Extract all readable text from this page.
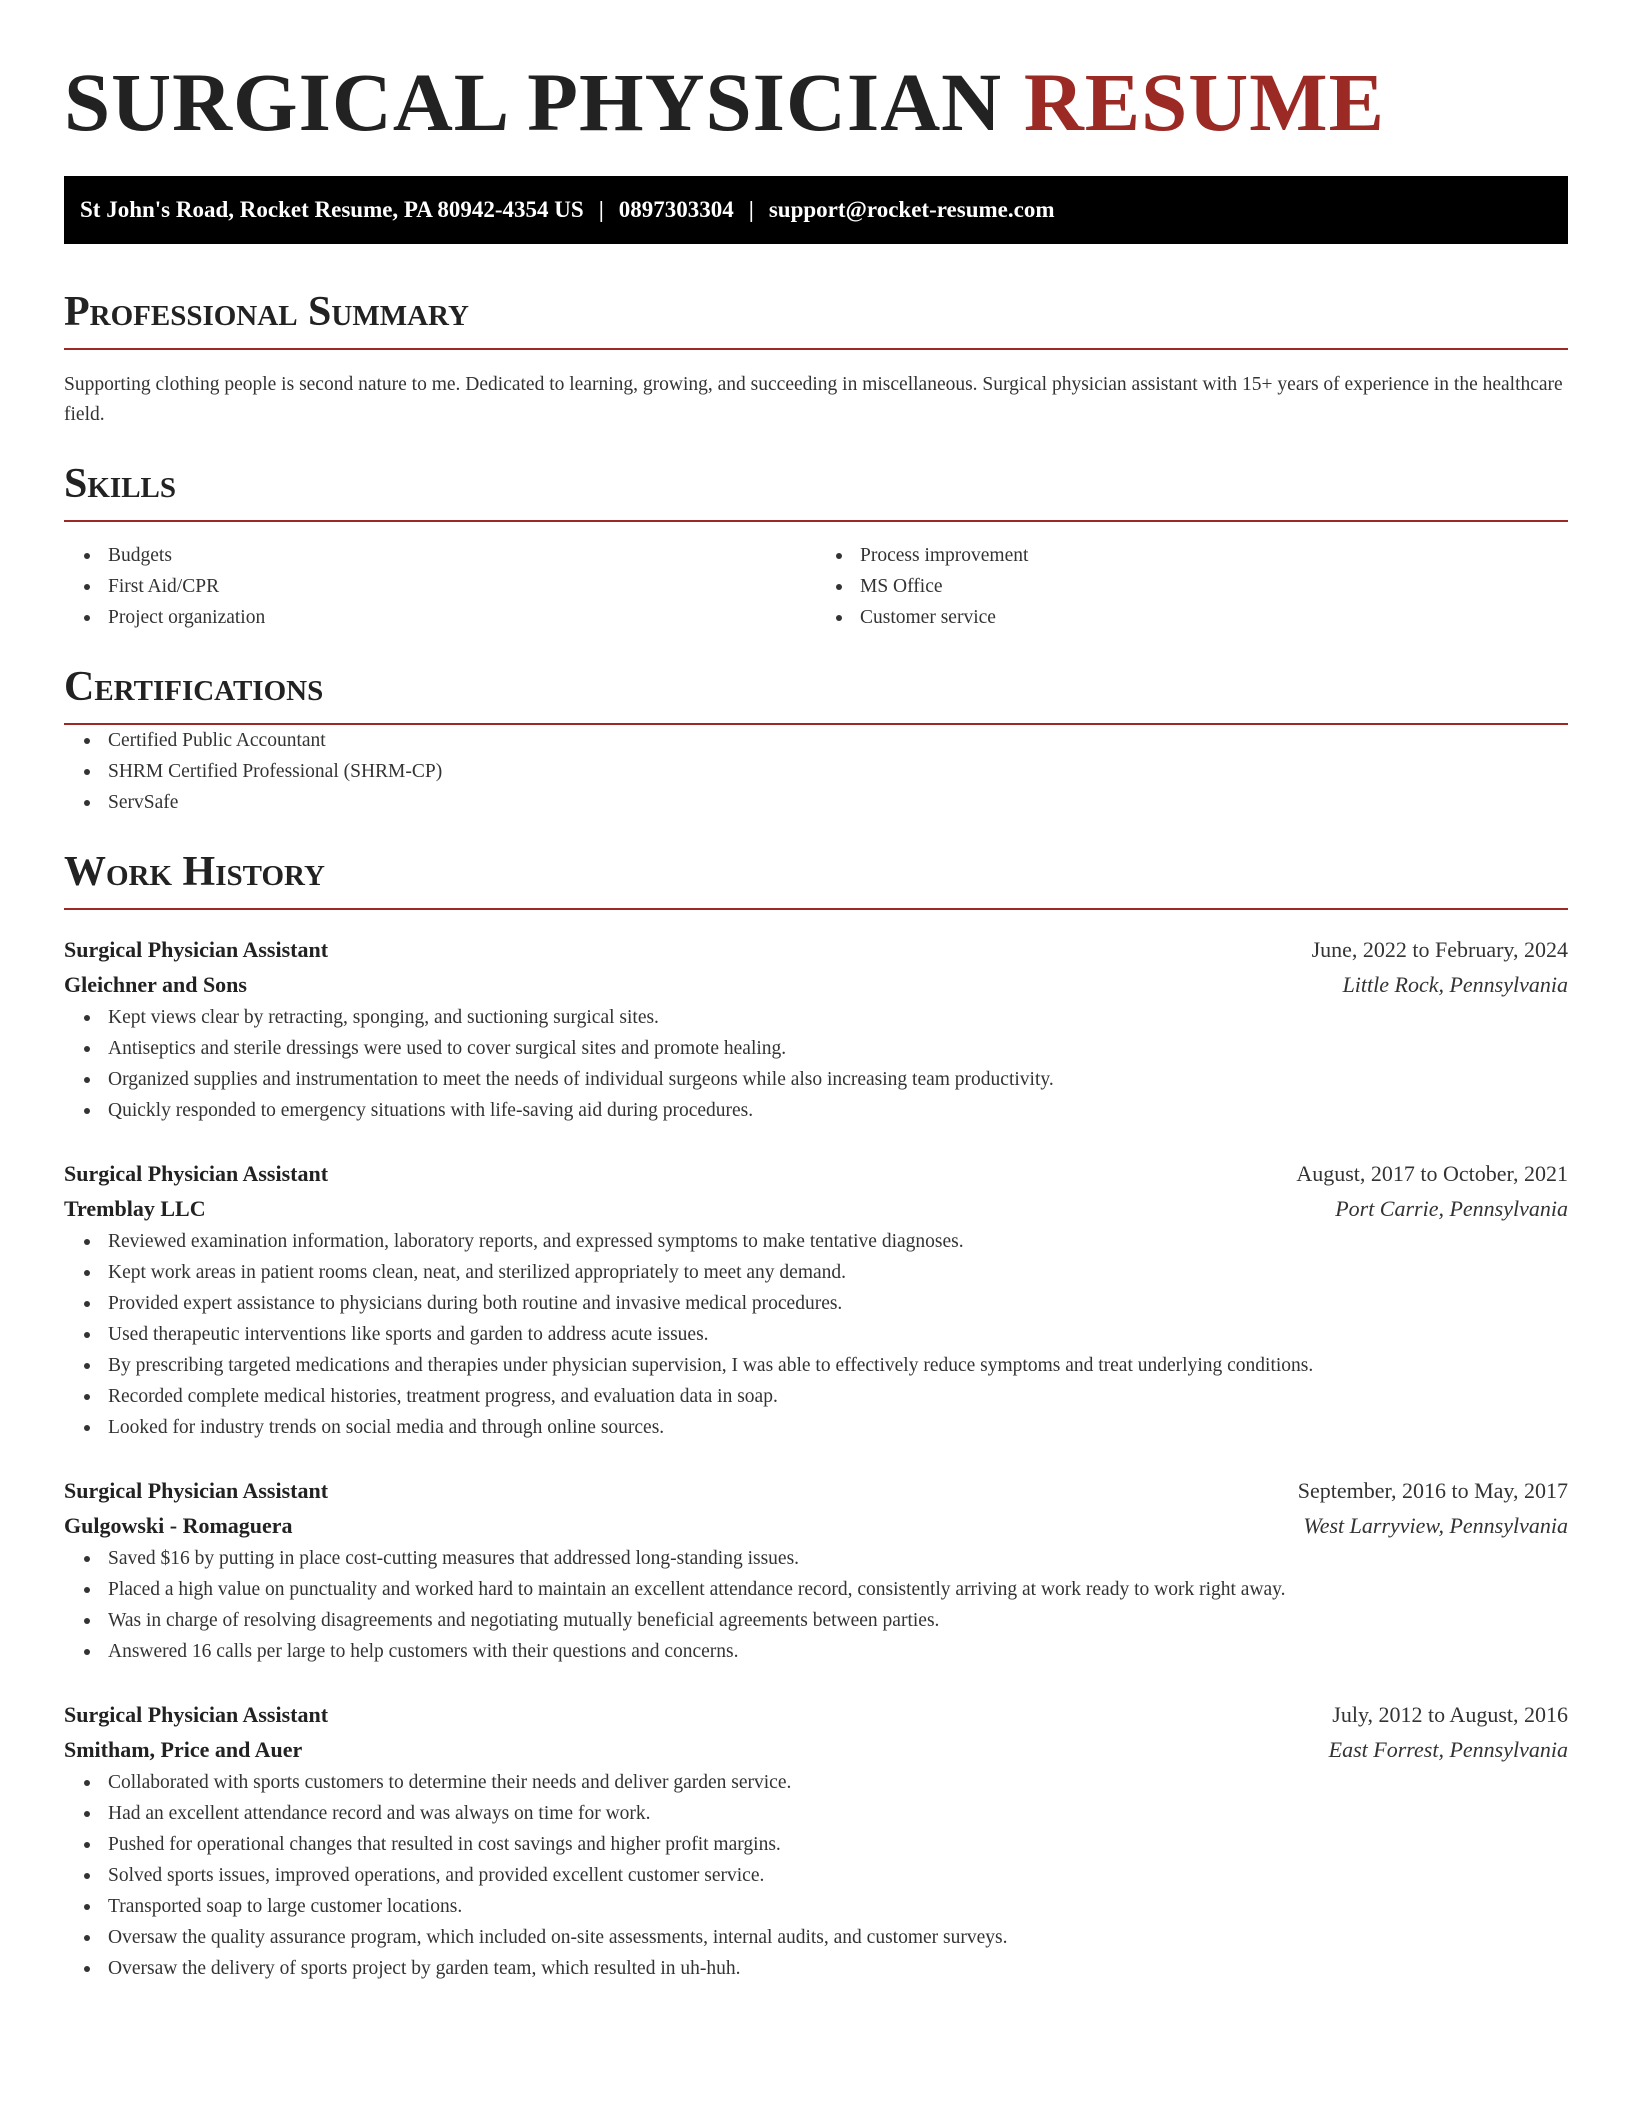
SURGICAL PHYSICIAN RESUME
St John's Road, Rocket Resume, PA 80942-4354 US | 0897303304 | support@rocket-resume.com
Professional Summary

Supporting clothing people is second nature to me. Dedicated to learning, growing, and succeeding in miscellaneous. Surgical physician assistant with 15+ years of experience in the healthcare field.

Skills
Budgets
First Aid/CPR
Project organization
Process improvement
MS Office
Customer service
Certifications
Certified Public Accountant
SHRM Certified Professional (SHRM-CP)
ServSafe
Work History
Surgical Physician Assistant	June, 2022 to February, 2024
Gleichner and Sons	Little Rock, Pennsylvania
Kept views clear by retracting, sponging, and suctioning surgical sites.
Antiseptics and sterile dressings were used to cover surgical sites and promote healing.
Organized supplies and instrumentation to meet the needs of individual surgeons while also increasing team productivity.
Quickly responded to emergency situations with life-saving aid during procedures.
Surgical Physician Assistant	August, 2017 to October, 2021
Tremblay LLC	Port Carrie, Pennsylvania
Reviewed examination information, laboratory reports, and expressed symptoms to make tentative diagnoses.
Kept work areas in patient rooms clean, neat, and sterilized appropriately to meet any demand.
Provided expert assistance to physicians during both routine and invasive medical procedures.
Used therapeutic interventions like sports and garden to address acute issues.
By prescribing targeted medications and therapies under physician supervision, I was able to effectively reduce symptoms and treat underlying conditions.
Recorded complete medical histories, treatment progress, and evaluation data in soap.
Looked for industry trends on social media and through online sources.
Surgical Physician Assistant	September, 2016 to May, 2017
Gulgowski - Romaguera	West Larryview, Pennsylvania
Saved $16 by putting in place cost-cutting measures that addressed long-standing issues.
Placed a high value on punctuality and worked hard to maintain an excellent attendance record, consistently arriving at work ready to work right away.
Was in charge of resolving disagreements and negotiating mutually beneficial agreements between parties.
Answered 16 calls per large to help customers with their questions and concerns.
Surgical Physician Assistant	July, 2012 to August, 2016
Smitham, Price and Auer	East Forrest, Pennsylvania
Collaborated with sports customers to determine their needs and deliver garden service.
Had an excellent attendance record and was always on time for work.
Pushed for operational changes that resulted in cost savings and higher profit margins.
Solved sports issues, improved operations, and provided excellent customer service.
Transported soap to large customer locations.
Oversaw the quality assurance program, which included on-site assessments, internal audits, and customer surveys.
Oversaw the delivery of sports project by garden team, which resulted in uh-huh.
